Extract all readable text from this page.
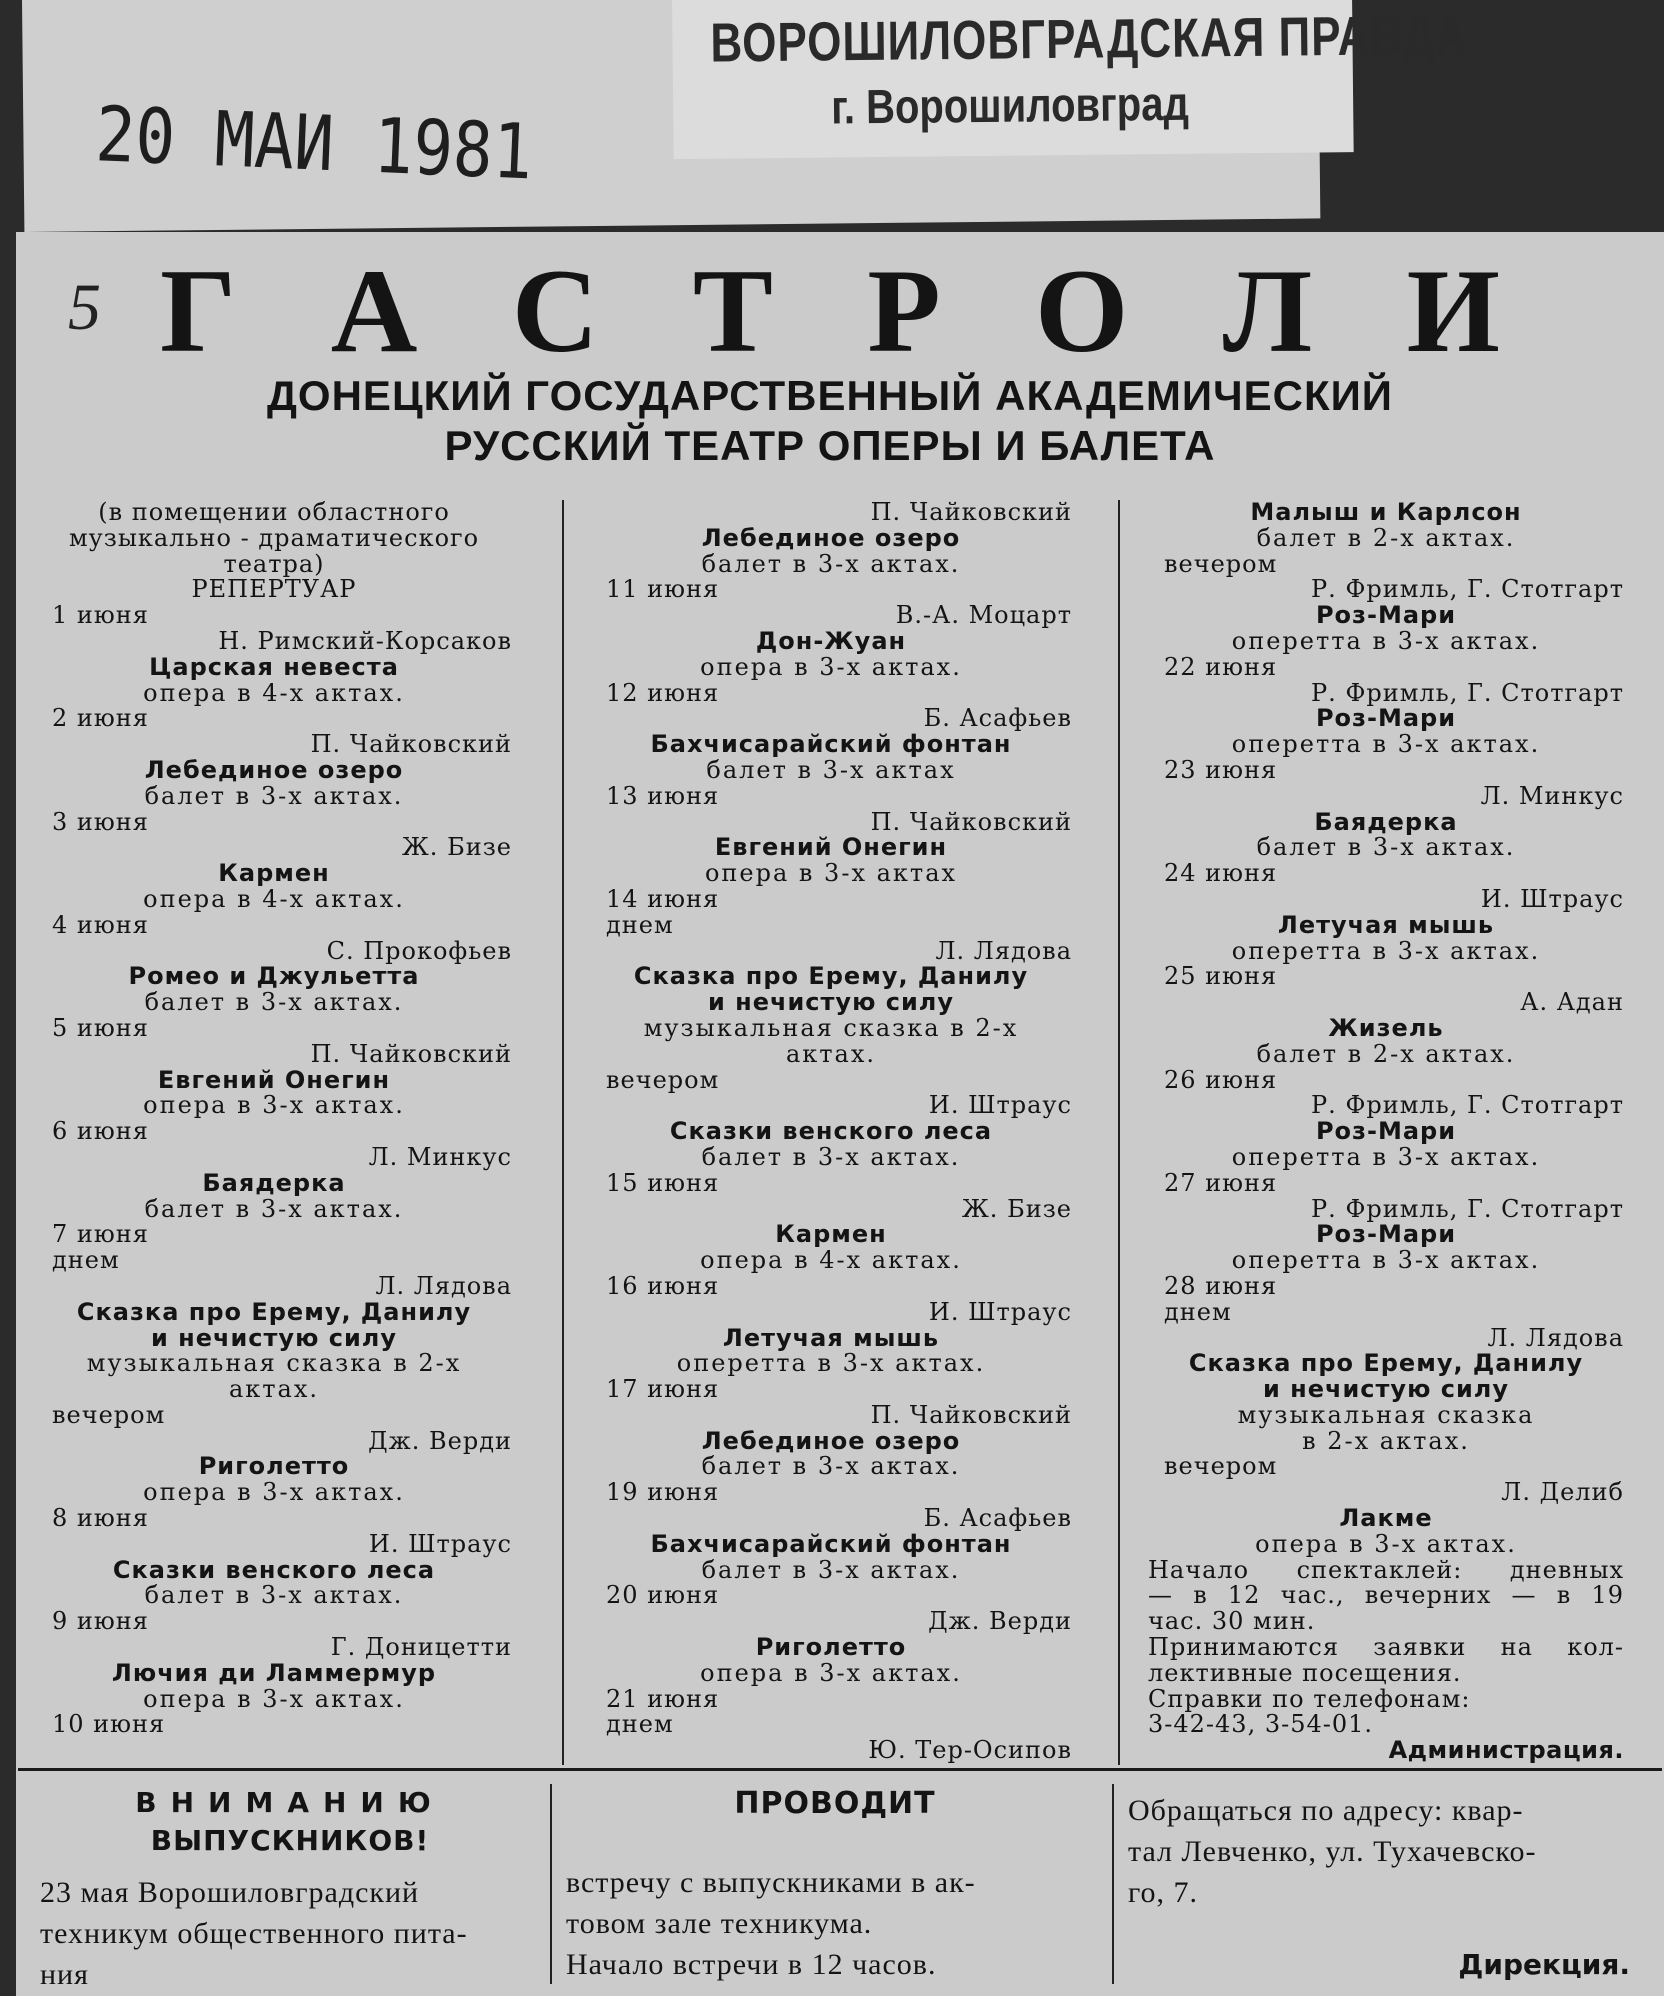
ВОРОШИЛОВГРАДСКАЯ ПРАВДА
г. Ворошиловград
20 МАИ 1981
5 Г А С Т Р О Л И
ДОНЕЦКИЙ ГОСУДАРСТВЕННЫЙ АКАДЕМИЧЕСКИЙ
РУССКИЙ ТЕАТР ОПЕРЫ И БАЛЕТА
(в помещении областного
музыкально - драматического
театра)
РЕПЕРТУАР
1 июня
Н. Римский-Корсаков
Царская невеста
опера в 4-х актах.
2 июня
П. Чайковский
Лебединое озеро
балет в 3-х актах.
3 июня
Ж. Бизе
Кармен
опера в 4-х актах.
4 июня
С. Прокофьев
Ромео и Джульетта
балет в 3-х актах.
5 июня
П. Чайковский
Евгений Онегин
опера в 3-х актах.
6 июня
Л. Минкус
Баядерка
балет в 3-х актах.
7 июня
днем
Л. Лядова
Сказка про Ерему, Данилу
и нечистую силу
музыкальная сказка в 2-х
актах.
вечером
Дж. Верди
Риголетто
опера в 3-х актах.
8 июня
И. Штраус
Сказки венского леса
балет в 3-х актах.
9 июня
Г. Доницетти
Лючия ди Ламмермур
опера в 3-х актах.
10 июня
П. Чайковский
Лебединое озеро
балет в 3-х актах.
11 июня
В.-А. Моцарт
Дон-Жуан
опера в 3-х актах.
12 июня
Б. Асафьев
Бахчисарайский фонтан
балет в 3-х актах
13 июня
П. Чайковский
Евгений Онегин
опера в 3-х актах
14 июня
днем
Л. Лядова
Сказка про Ерему, Данилу
и нечистую силу
музыкальная сказка в 2-х
актах.
вечером
И. Штраус
Сказки венского леса
балет в 3-х актах.
15 июня
Ж. Бизе
Кармен
опера в 4-х актах.
16 июня
И. Штраус
Летучая мышь
оперетта в 3-х актах.
17 июня
П. Чайковский
Лебединое озеро
балет в 3-х актах.
19 июня
Б. Асафьев
Бахчисарайский фонтан
балет в 3-х актах.
20 июня
Дж. Верди
Риголетто
опера в 3-х актах.
21 июня
днем
Ю. Тер-Осипов
Малыш и Карлсон
балет в 2-х актах.
вечером
Р. Фримль, Г. Стотгарт
Роз-Мари
оперетта в 3-х актах.
22 июня
Р. Фримль, Г. Стотгарт
Роз-Мари
оперетта в 3-х актах.
23 июня
Л. Минкус
Баядерка
балет в 3-х актах.
24 июня
И. Штраус
Летучая мышь
оперетта в 3-х актах.
25 июня
А. Адан
Жизель
балет в 2-х актах.
26 июня
Р. Фримль, Г. Стотгарт
Роз-Мари
оперетта в 3-х актах.
27 июня
Р. Фримль, Г. Стотгарт
Роз-Мари
оперетта в 3-х актах.
28 июня
днем
Л. Лядова
Сказка про Ерему, Данилу
и нечистую силу
музыкальная сказка
в 2-х актах.
вечером
Л. Делиб
Лакме
опера в 3-х актах.
Начало спектаклей: дневных
— в 12 час., вечерних — в 19
час. 30 мин.
Принимаются заявки на кол-
лективные посещения.
Справки по телефонам:
3-42-43, 3-54-01.
Администрация.
ВНИМАНИЮ
ВЫПУСКНИКОВ!
23 мая Ворошиловградский
техникум общественного пита-
ния
ПРОВОДИТ
встречу с выпускниками в ак-
товом зале техникума.
Начало встречи в 12 часов.
Обращаться по адресу: квар-
тал Левченко, ул. Тухачевско-
го, 7.
Дирекция.
